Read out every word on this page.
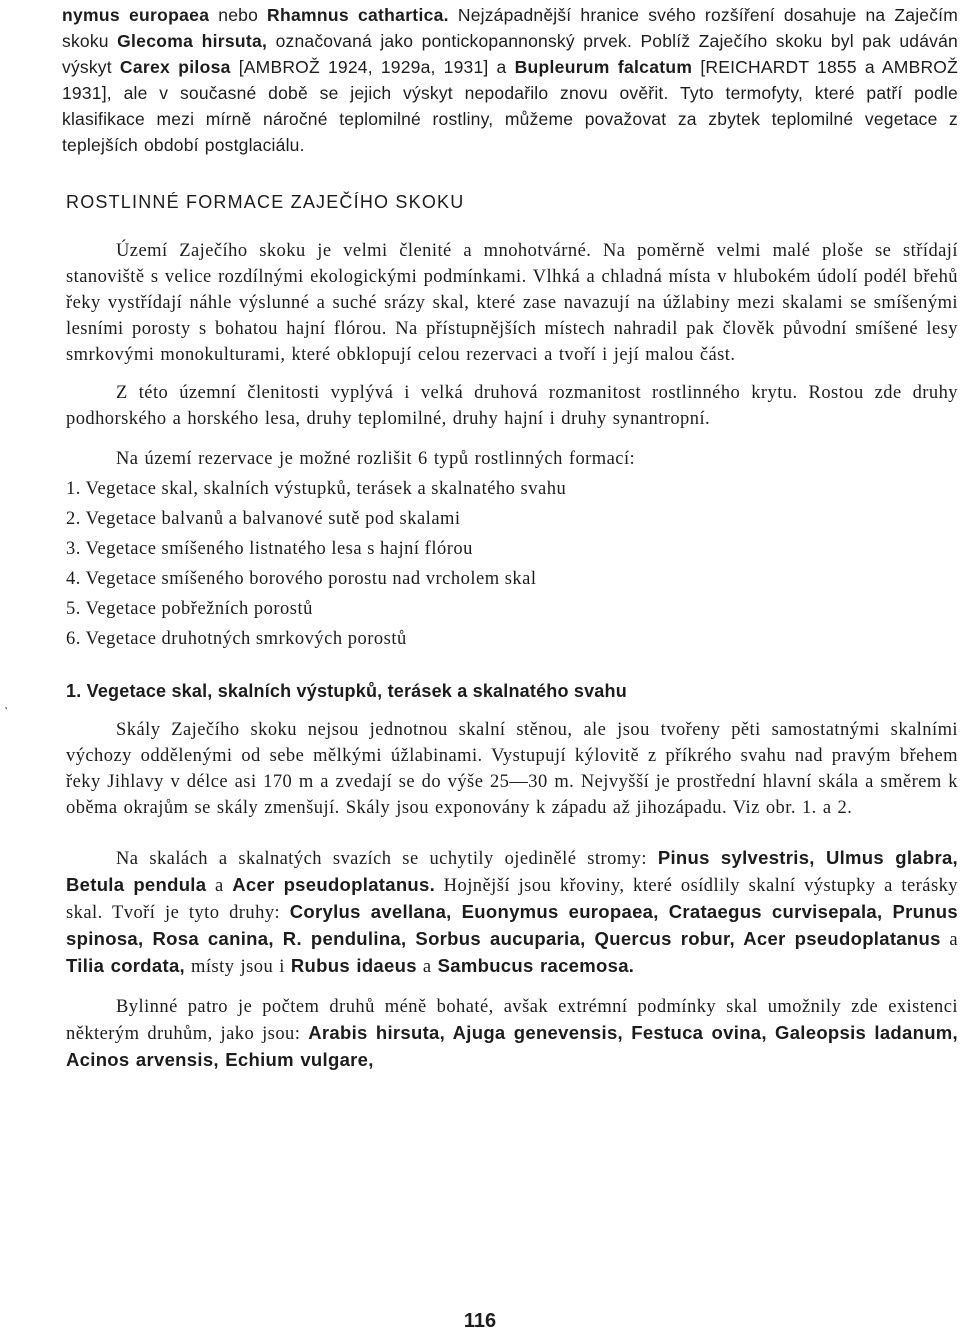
nymus europaea nebo Rhamnus cathartica. Nejzápadnější hranice svého rozšíření dosahuje na Zaječím skoku Glecoma hirsuta, označovaná jako pontickopannonský prvek. Poblíž Zaječího skoku byl pak udáván výskyt Carex pilosa [AMBROŽ 1924, 1929a, 1931] a Bupleurum falcatum [REICHARDT 1855 a AMBROŽ 1931], ale v současné době se jejich výskyt nepodařilo znovu ověřit. Tyto termofyty, které patří podle klasifikace mezi mírně náročné teplomilné rostliny, můžeme považovat za zbytek teplomilné vegetace z teplejších období postglaciálu.

ROSTLINNÉ FORMACE ZAJEČÍHO SKOKU

Území Zaječího skoku je velmi členité a mnohotvárné. Na poměrně velmi malé ploše se střídají stanoviště s velice rozdílnými ekologickými podmínkami. Vlhká a chladná místa v hlubokém údolí podél břehů řeky vystřídají náhle výslunné a suché srázy skal, které zase navazují na úžlabiny mezi skalami se smíšenými lesními porosty s bohatou hajní flórou. Na přístupnějších místech nahradil pak člověk původní smíšené lesy smrkovými monokulturami, které obklopují celou rezervaci a tvoří i její malou část.

Z této územní členitosti vyplývá i velká druhová rozmanitost rostlinného krytu. Rostou zde druhy podhorského a horského lesa, druhy teplomilné, druhy hajní i druhy synantropní.

Na území rezervace je možné rozlišit 6 typů rostlinných formací:

1. Vegetace skal, skalních výstupků, terásek a skalnatého svahu
2. Vegetace balvanů a balvanové sutě pod skalami
3. Vegetace smíšeného listnatého lesa s hajní flórou
4. Vegetace smíšeného borového porostu nad vrcholem skal
5. Vegetace pobřežních porostů
6. Vegetace druhotných smrkových porostů
1. Vegetace skal, skalních výstupků, terásek a skalnatého svahu

Skály Zaječího skoku nejsou jednotnou skalní stěnou, ale jsou tvořeny pěti samostatnými skalními výchozy oddělenými od sebe mělkými úžlabinami. Vystupují kýlovitě z příkrého svahu nad pravým břehem řeky Jihlavy v délce asi 170 m a zvedají se do výše 25—30 m. Nejvyšší je prostřední hlavní skála a směrem k oběma okrajům se skály zmenšují. Skály jsou exponovány k západu až jihozápadu. Viz obr. 1. a 2.

Na skalách a skalnatých svazích se uchytily ojedinělé stromy: Pinus sylvestris, Ulmus glabra, Betula pendula a Acer pseudoplatanus. Hojnější jsou křoviny, které osídlily skalní výstupky a terásky skal. Tvoří je tyto druhy: Corylus avellana, Euonymus europaea, Crataegus curvisepala, Prunus spinosa, Rosa canina, R. pendulina, Sorbus aucuparia, Quercus robur, Acer pseudoplatanus a Tilia cordata, místy jsou i Rubus idaeus a Sambucus racemosa.

Bylinné patro je počtem druhů méně bohaté, avšak extrémní podmínky skal umožnily zde existenci některým druhům, jako jsou: Arabis hirsuta, Ajuga genevensis, Festuca ovina, Galeopsis ladanum, Acinos arvensis, Echium vulgare,

˺
116
